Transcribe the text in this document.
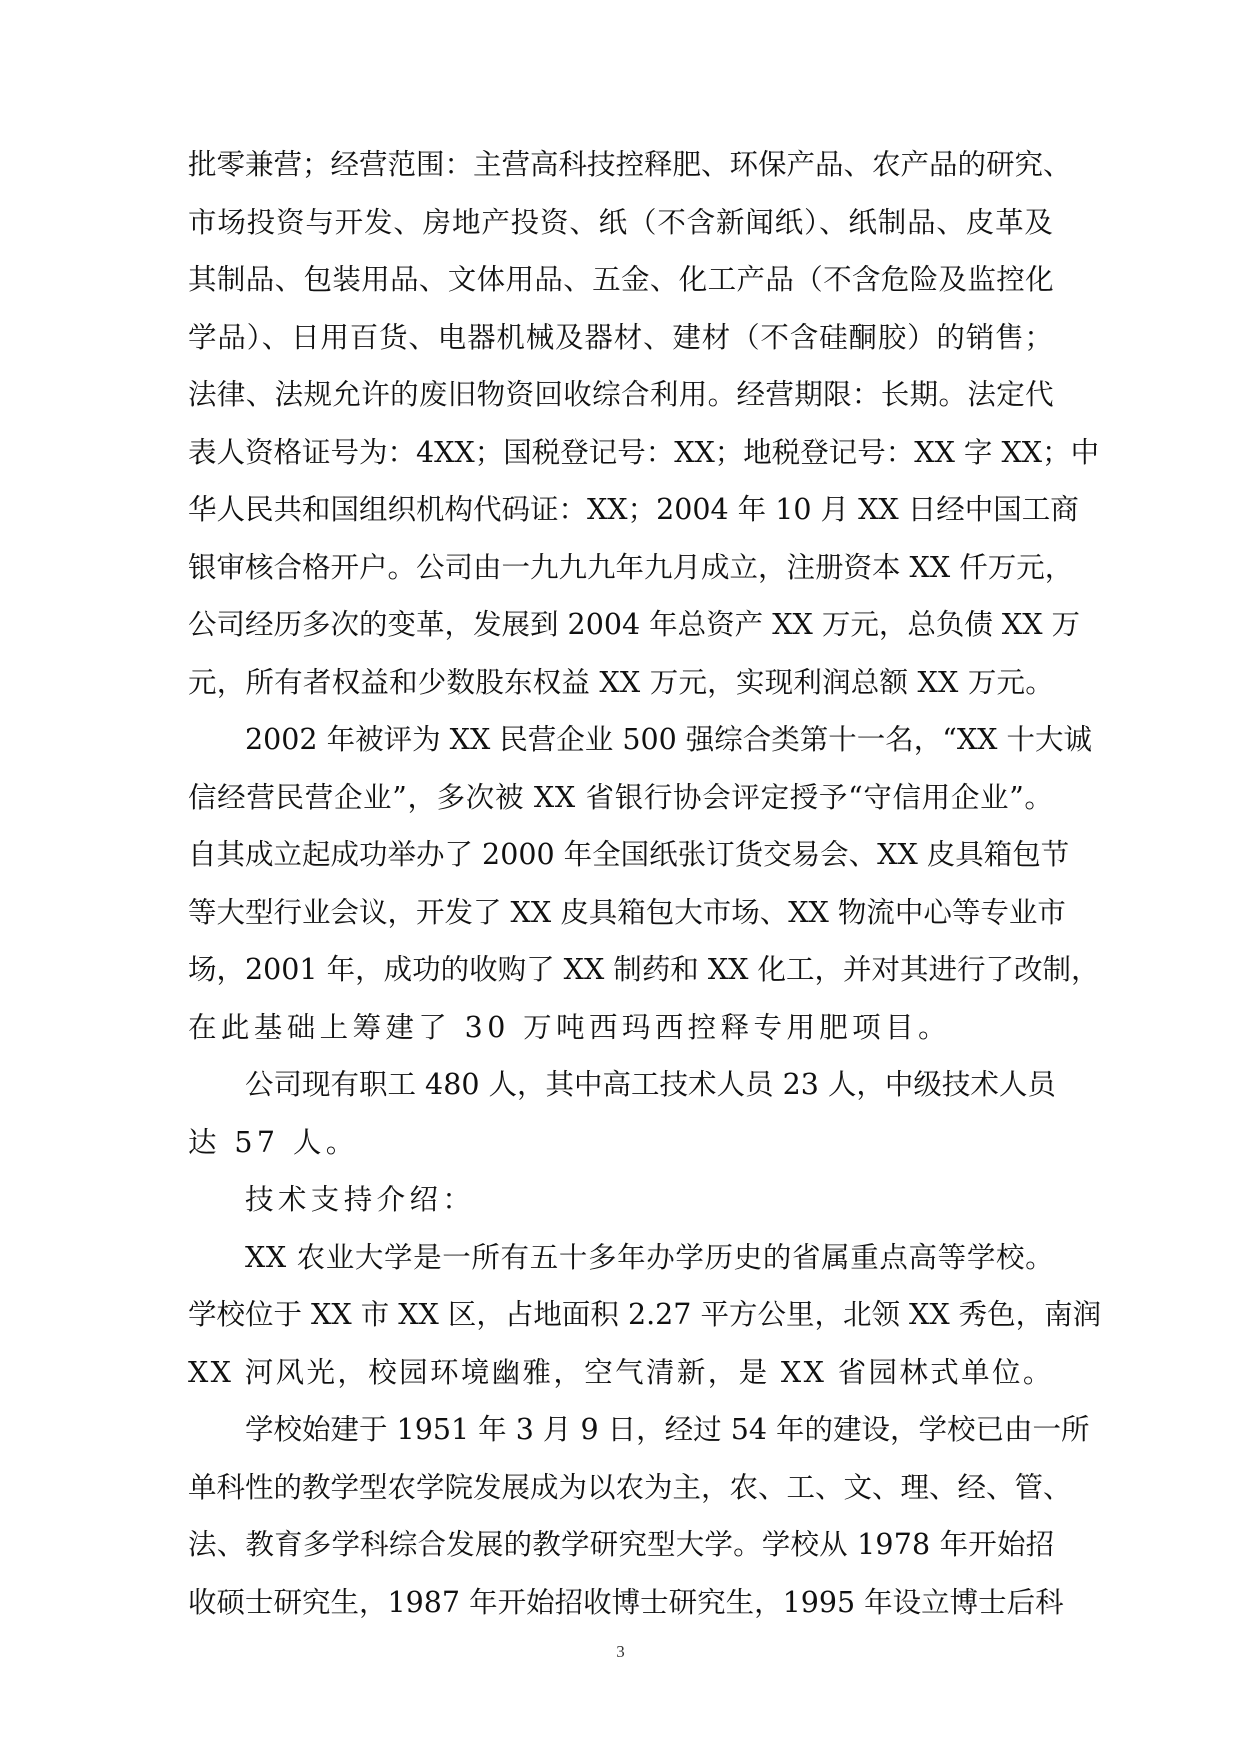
批零兼营；经营范围：主营高科技控释肥、环保产品、农产品的研究、
市场投资与开发、房地产投资、纸（不含新闻纸）、纸制品、皮革及
其制品、包装用品、文体用品、五金、化工产品（不含危险及监控化
学品）、日用百货、电器机械及器材、建材（不含硅酮胶）的销售；
法律、法规允许的废旧物资回收综合利用。经营期限：长期。法定代
表人资格证号为：4XX；国税登记号：XX；地税登记号：XX 字 XX；中
华人民共和国组织机构代码证：XX；2004 年 10 月 XX 日经中国工商
银审核合格开户。公司由一九九九年九月成立，注册资本 XX 仟万元，
公司经历多次的变革，发展到 2004 年总资产 XX 万元，总负债 XX 万
元，所有者权益和少数股东权益 XX 万元，实现利润总额 XX 万元。
2002 年被评为 XX 民营企业 500 强综合类第十一名，“XX 十大诚
信经营民营企业”，多次被 XX 省银行协会评定授予“守信用企业”。
自其成立起成功举办了 2000 年全国纸张订货交易会、XX 皮具箱包节
等大型行业会议，开发了 XX 皮具箱包大市场、XX 物流中心等专业市
场，2001 年，成功的收购了 XX 制药和 XX 化工，并对其进行了改制，
在此基础上筹建了 30 万吨西玛西控释专用肥项目。
公司现有职工 480 人，其中高工技术人员 23 人，中级技术人员
达 57 人。
技术支持介绍：
XX 农业大学是一所有五十多年办学历史的省属重点高等学校。
学校位于 XX 市 XX 区，占地面积 2.27 平方公里，北领 XX 秀色，南润
XX 河风光，校园环境幽雅，空气清新，是 XX 省园林式单位。
学校始建于 1951 年 3 月 9 日，经过 54 年的建设，学校已由一所
单科性的教学型农学院发展成为以农为主，农、工、文、理、经、管、
法、教育多学科综合发展的教学研究型大学。学校从 1978 年开始招
收硕士研究生，1987 年开始招收博士研究生，1995 年设立博士后科
3
